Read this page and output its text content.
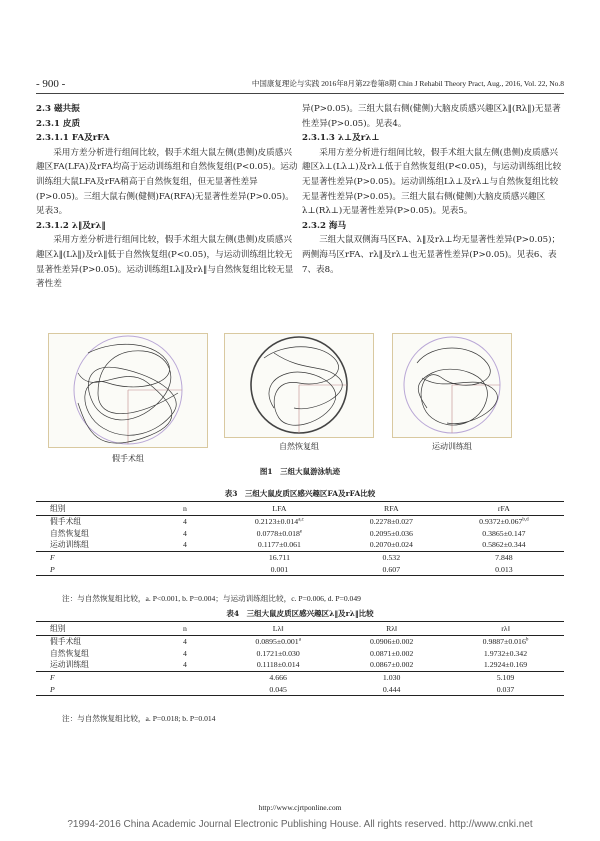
- 900 -	中国康复理论与实践 2016年8月第22卷第8期 Chin J Rehabil Theory Pract, Aug., 2016, Vol. 22, No.8

2.3 磁共振

2.3.1 皮质

2.3.1.1 FA及rFA

采用方差分析进行组间比较，假手术组大鼠左侧(患侧)皮质感兴趣区FA(LFA)及rFA均高于运动训练组和自然恢复组(P<0.05)。运动训练组大鼠LFA及rFA稍高于自然恢复组，但无显著性差异(P>0.05)。三组大鼠右侧(健侧)FA(RFA)无显著性差异(P>0.05)。见表3。

2.3.1.2 λ‖及rλ‖

采用方差分析进行组间比较，假手术组大鼠左侧(患侧)皮质感兴趣区λ‖(Lλ‖)及rλ‖低于自然恢复组(P<0.05)，与运动训练组比较无显著性差异(P>0.05)。运动训练组Lλ‖及rλ‖与自然恢复组比较无显著性差

异(P>0.05)。三组大鼠右侧(健侧)大脑皮质感兴趣区λ‖(Rλ‖)无显著性差异(P>0.05)。见表4。

2.3.1.3 λ⊥及rλ⊥

采用方差分析进行组间比较，假手术组大鼠左侧(患侧)皮质感兴趣区λ⊥(Lλ⊥)及rλ⊥低于自然恢复组(P<0.05)，与运动训练组比较无显著性差异(P>0.05)。运动训练组Lλ⊥及rλ⊥与自然恢复组比较无显著性差异(P>0.05)。三组大鼠右侧(健侧)大脑皮质感兴趣区λ⊥(Rλ⊥)无显著性差异(P>0.05)。见表5。

2.3.2 海马

三组大鼠双侧海马区FA、λ‖及rλ⊥均无显著性差异(P>0.05)；两侧海马区rFA、rλ‖及rλ⊥也无显著性差异(P>0.05)。见表6、表7、表8。

假手术组
自然恢复组	运动训练组
图1　三组大鼠游泳轨迹
表3　三组大鼠皮质区感兴趣区FA及rFA比较
组别	n	LFA	RFA	rFA
假手术组	4	$0.2123\pm 0.014^{a,c}$	0.2278±0.027	$0.9372\pm 0.067^{b,d}$
自然恢复组	4	0.0778±0.018$^e$	0.2095±0.036	0.3865±0.147
运动训练组	4	0.1177±0.061	0.2070±0.024	0.5862±0.344
F		16.711	0.532	7.848
P		0.001	0.607	0.013
注：与自然恢复组比较，a. P<0.001, b. P=0.004；与运动训练组比较，c. P=0.006, d. P=0.049
表4　三组大鼠皮质区感兴趣区λ‖及rλ‖比较
组别	n	Lλ‖	Rλ‖	rλ‖
假手术组	4	0.0895±0.001$^a$	0.0906±0.002	0.9887±0.016$^b$
自然恢复组	4	0.1721±0.030	0.0871±0.002	1.9732±0.342
运动训练组	4	0.1118±0.014	0.0867±0.002	1.2924±0.169
F		4.666	1.030	5.109
P		0.045	0.444	0.037
注：与自然恢复组比较，a. P=0.018; b. P=0.014
http://www.cjrtponline.com
?1994-2016 China Academic Journal Electronic Publishing House. All rights reserved. http://www.cnki.net
